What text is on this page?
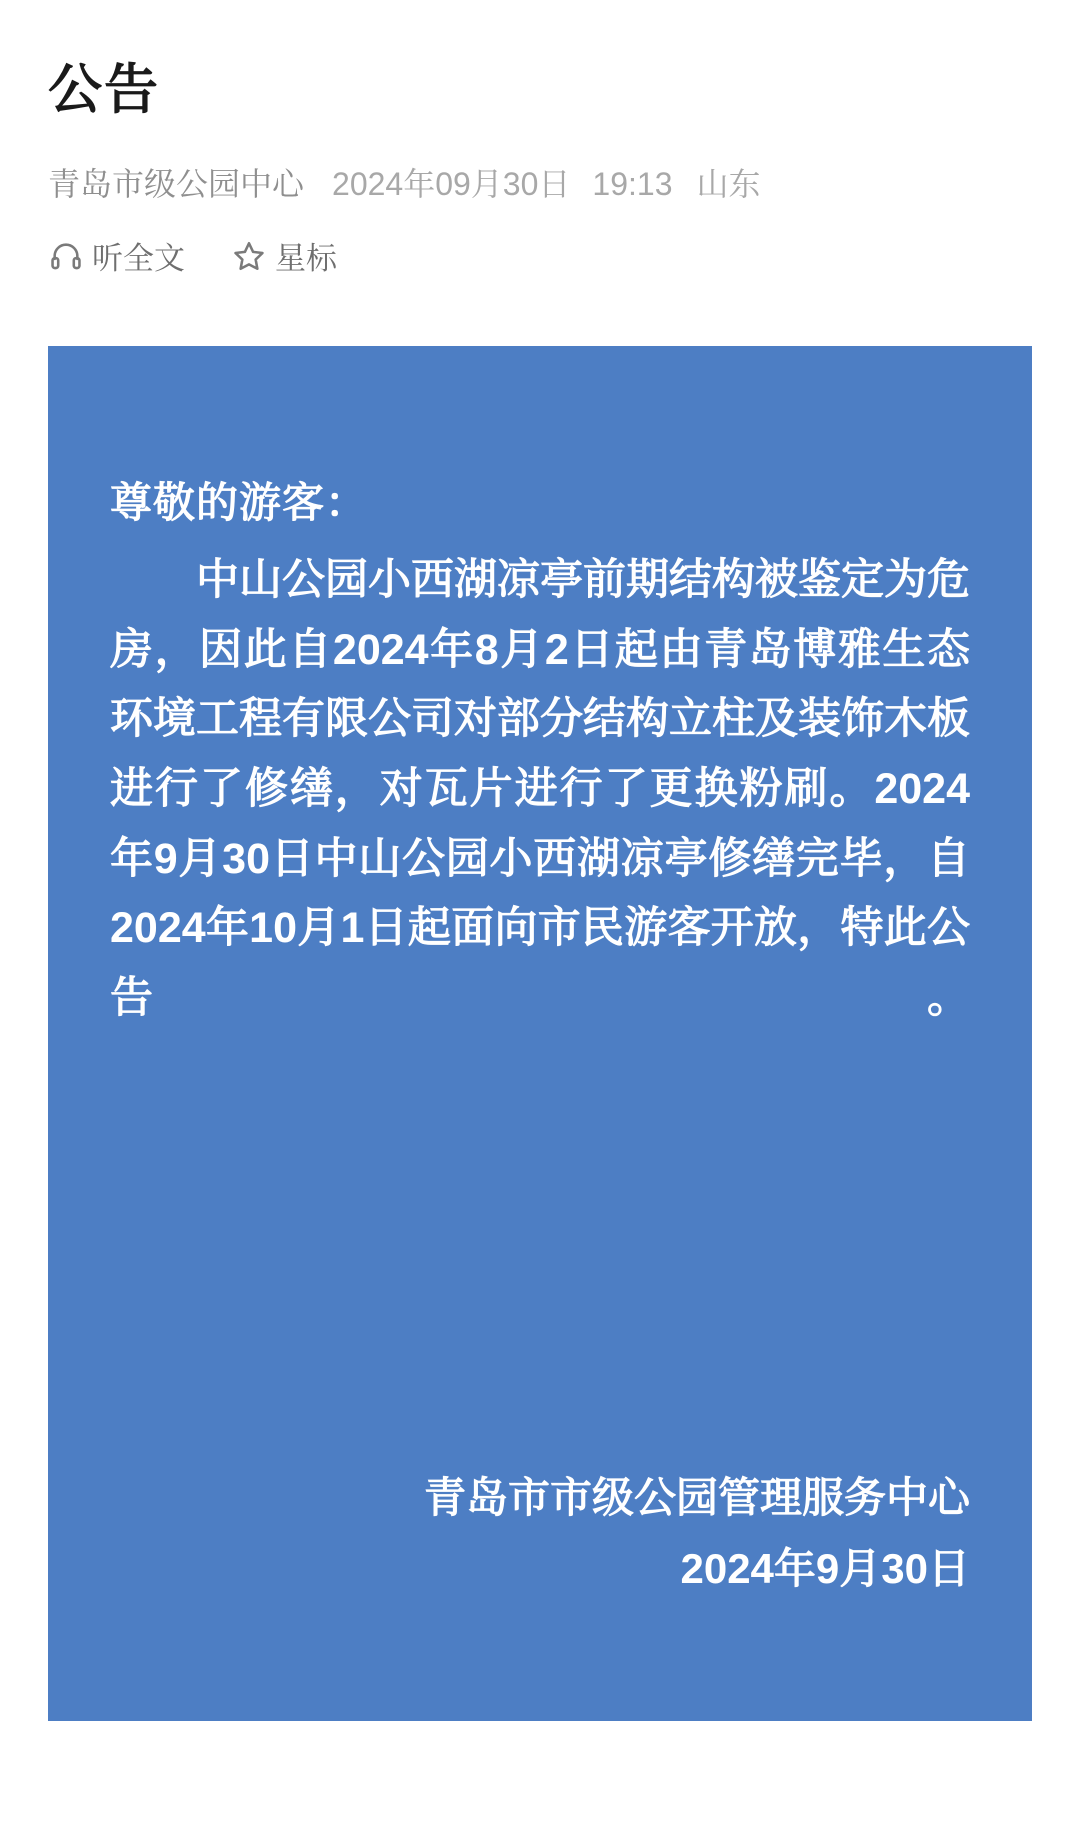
公告
青岛市级公园中心 2024年09月30日 19:13 山东
听全文	星标
尊敬的游客：
中山公园小西湖凉亭前期结构被鉴定为危房，因此自2024年8月2日起由青岛博雅生态环境工程有限公司对部分结构立柱及装饰木板进行了修缮，对瓦片进行了更换粉刷。2024年9月30日中山公园小西湖凉亭修缮完毕，自2024年10月1日起面向市民游客开放，特此公告。
青岛市市级公园管理服务中心
2024年9月30日
